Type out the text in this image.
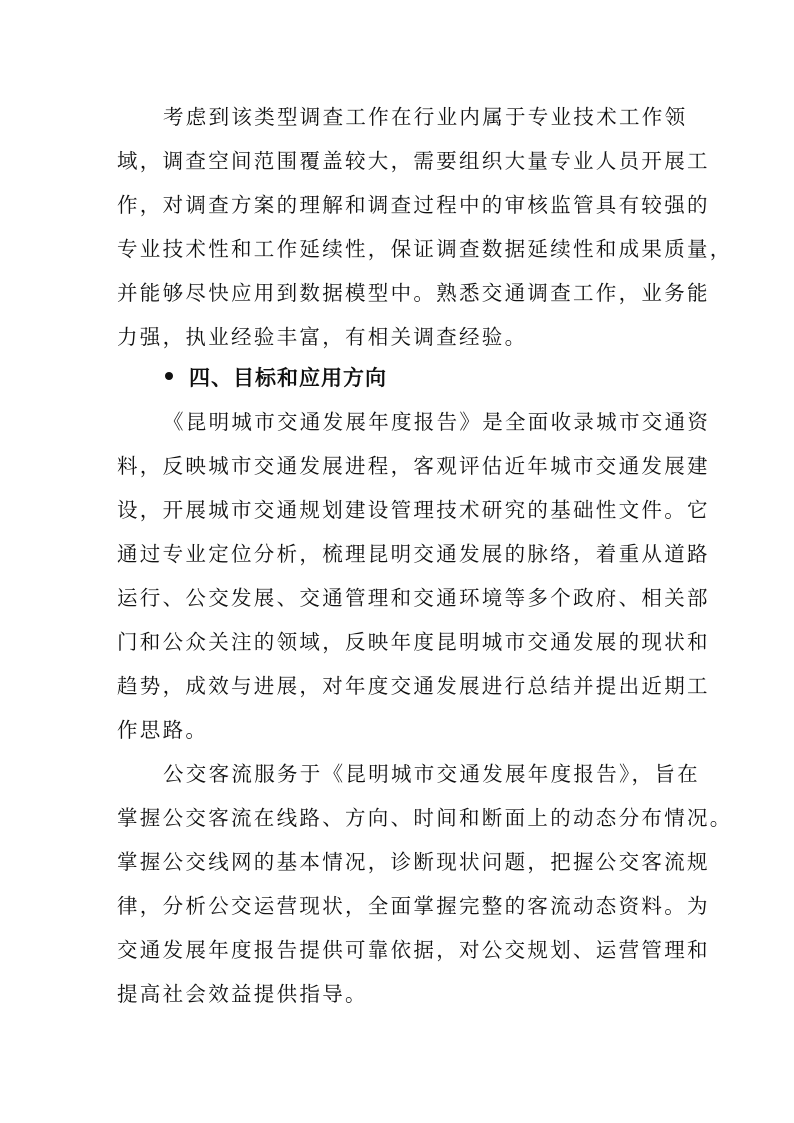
考虑到该类型调查工作在行业内属于专业技术工作领
域，调查空间范围覆盖较大，需要组织大量专业人员开展工
作，对调查方案的理解和调查过程中的审核监管具有较强的
专业技术性和工作延续性，保证调查数据延续性和成果质量，
并能够尽快应用到数据模型中。熟悉交通调查工作，业务能
力强，执业经验丰富，有相关调查经验。
四、目标和应用方向
《昆明城市交通发展年度报告》是全面收录城市交通资
料，反映城市交通发展进程，客观评估近年城市交通发展建
设，开展城市交通规划建设管理技术研究的基础性文件。它
通过专业定位分析，梳理昆明交通发展的脉络，着重从道路
运行、公交发展、交通管理和交通环境等多个政府、相关部
门和公众关注的领域，反映年度昆明城市交通发展的现状和
趋势，成效与进展，对年度交通发展进行总结并提出近期工
作思路。
公交客流服务于《昆明城市交通发展年度报告》，旨在
掌握公交客流在线路、方向、时间和断面上的动态分布情况。
掌握公交线网的基本情况，诊断现状问题，把握公交客流规
律，分析公交运营现状，全面掌握完整的客流动态资料。为
交通发展年度报告提供可靠依据，对公交规划、运营管理和
提高社会效益提供指导。
